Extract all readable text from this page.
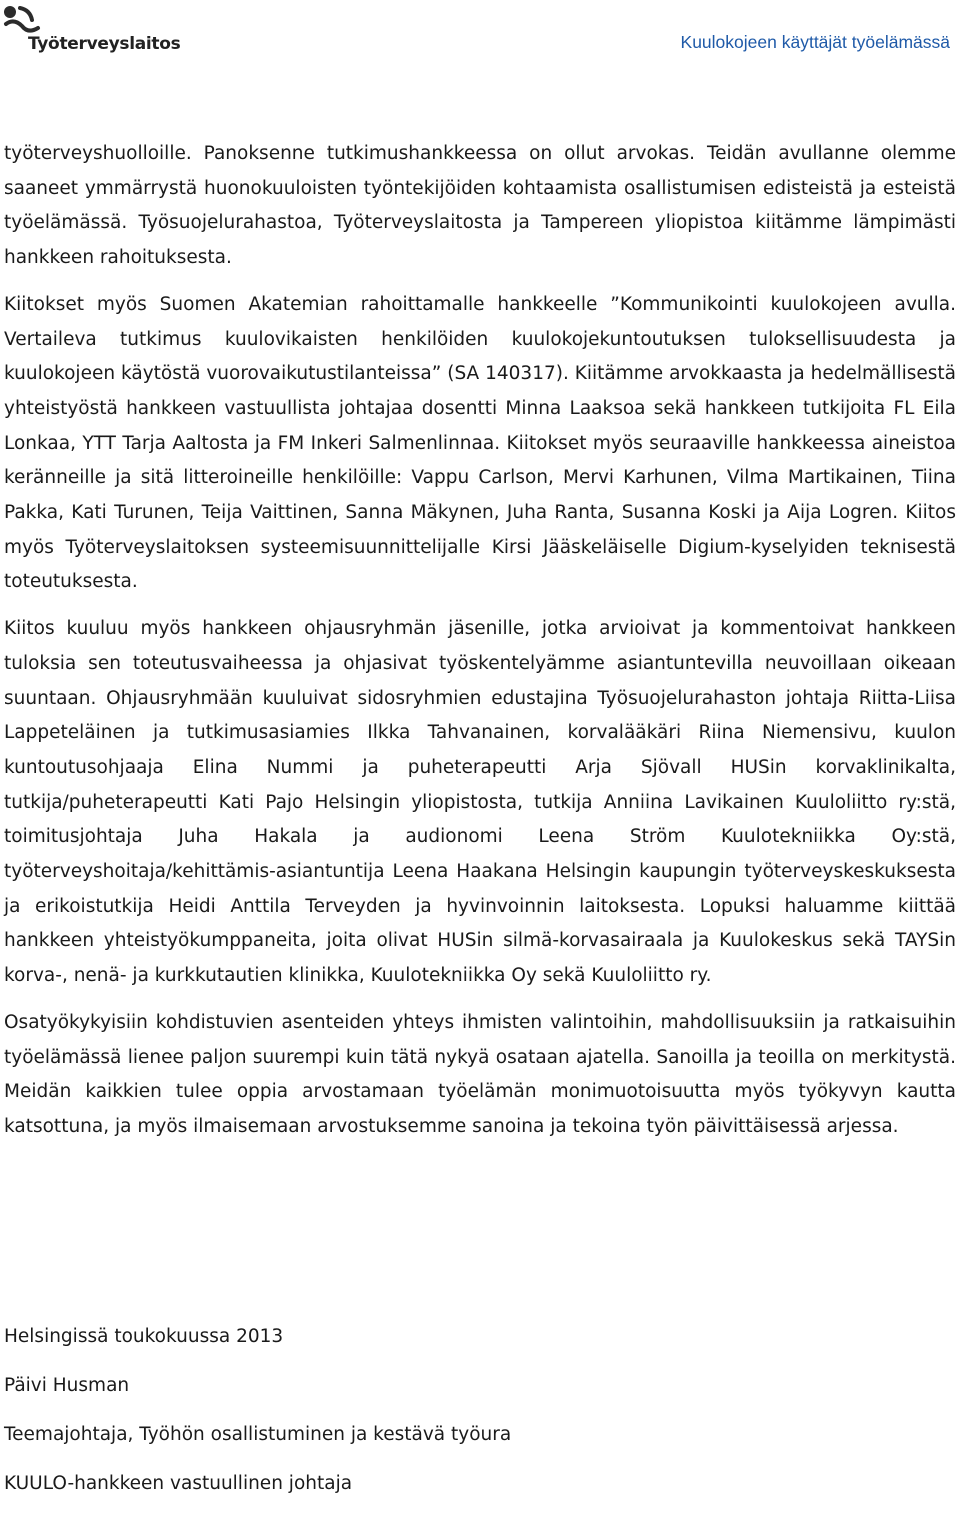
Työterveyslaitos	Kuulokojeen käyttäjät työelämässä

työterveyshuolloille. Panoksenne tutkimushankkeessa on ollut arvokas. Teidän avullanne olemme saaneet ymmärrystä huonokuuloisten työntekijöiden kohtaamista osallistumisen edisteistä ja esteistä työelämässä. Työsuojelurahastoa, Työterveyslaitosta ja Tampereen yliopistoa kiitämme lämpimästi hankkeen rahoituksesta.

Kiitokset myös Suomen Akatemian rahoittamalle hankkeelle ”Kommunikointi kuulokojeen avulla. Vertaileva tutkimus kuulovikaisten henkilöiden kuulokojekuntoutuksen tuloksellisuudesta ja kuulokojeen käytöstä vuorovaikutustilanteissa” (SA 140317). Kiitämme arvokkaasta ja hedelmällisestä yhteistyöstä hankkeen vastuullista johtajaa dosentti Minna Laaksoa sekä hankkeen tutkijoita FL Eila Lonkaa, YTT Tarja Aaltosta ja FM Inkeri Salmenlinnaa. Kiitokset myös seuraaville hankkeessa aineistoa keränneille ja sitä litteroineille henkilöille: Vappu Carlson, Mervi Karhunen, Vilma Martikainen, Tiina Pakka, Kati Turunen, Teija Vaittinen, Sanna Mäkynen, Juha Ranta, Susanna Koski ja Aija Logren. Kiitos myös Työterveyslaitoksen systeemisuunnittelijalle Kirsi Jääskeläiselle Digium-kyselyiden teknisestä toteutuksesta.

Kiitos kuuluu myös hankkeen ohjausryhmän jäsenille, jotka arvioivat ja kommentoivat hankkeen tuloksia sen toteutusvaiheessa ja ohjasivat työskentelyämme asiantuntevilla neuvoillaan oikeaan suuntaan. Ohjausryhmään kuuluivat sidosryhmien edustajina Työsuojelurahaston johtaja Riitta-Liisa Lappeteläinen ja tutkimusasiamies Ilkka Tahvanainen, korvalääkäri Riina Niemensivu, kuulon kuntoutusohjaaja Elina Nummi ja puheterapeutti Arja Sjövall HUSin korvaklinikalta, tutkija/puheterapeutti Kati Pajo Helsingin yliopistosta, tutkija Anniina Lavikainen Kuuloliitto ry:stä, toimitusjohtaja Juha Hakala ja audionomi Leena Ström Kuulotekniikka Oy:stä, työterveyshoitaja/kehittämis-asiantuntija Leena Haakana Helsingin kaupungin työterveyskeskuksesta ja erikoistutkija Heidi Anttila Terveyden ja hyvinvoinnin laitoksesta. Lopuksi haluamme kiittää hankkeen yhteistyökumppaneita, joita olivat HUSin silmä-korvasairaala ja Kuulokeskus sekä TAYSin korva-, nenä- ja kurkkutautien klinikka, Kuulotekniikka Oy sekä Kuuloliitto ry.

Osatyökykyisiin kohdistuvien asenteiden yhteys ihmisten valintoihin, mahdollisuuksiin ja ratkaisuihin työelämässä lienee paljon suurempi kuin tätä nykyä osataan ajatella. Sanoilla ja teoilla on merkitystä. Meidän kaikkien tulee oppia arvostamaan työelämän monimuotoisuutta myös työkyvyn kautta katsottuna, ja myös ilmaisemaan arvostuksemme sanoina ja tekoina työn päivittäisessä arjessa.

Helsingissä toukokuussa 2013
Päivi Husman
Teemajohtaja, Työhön osallistuminen ja kestävä työura
KUULO-hankkeen vastuullinen johtaja
